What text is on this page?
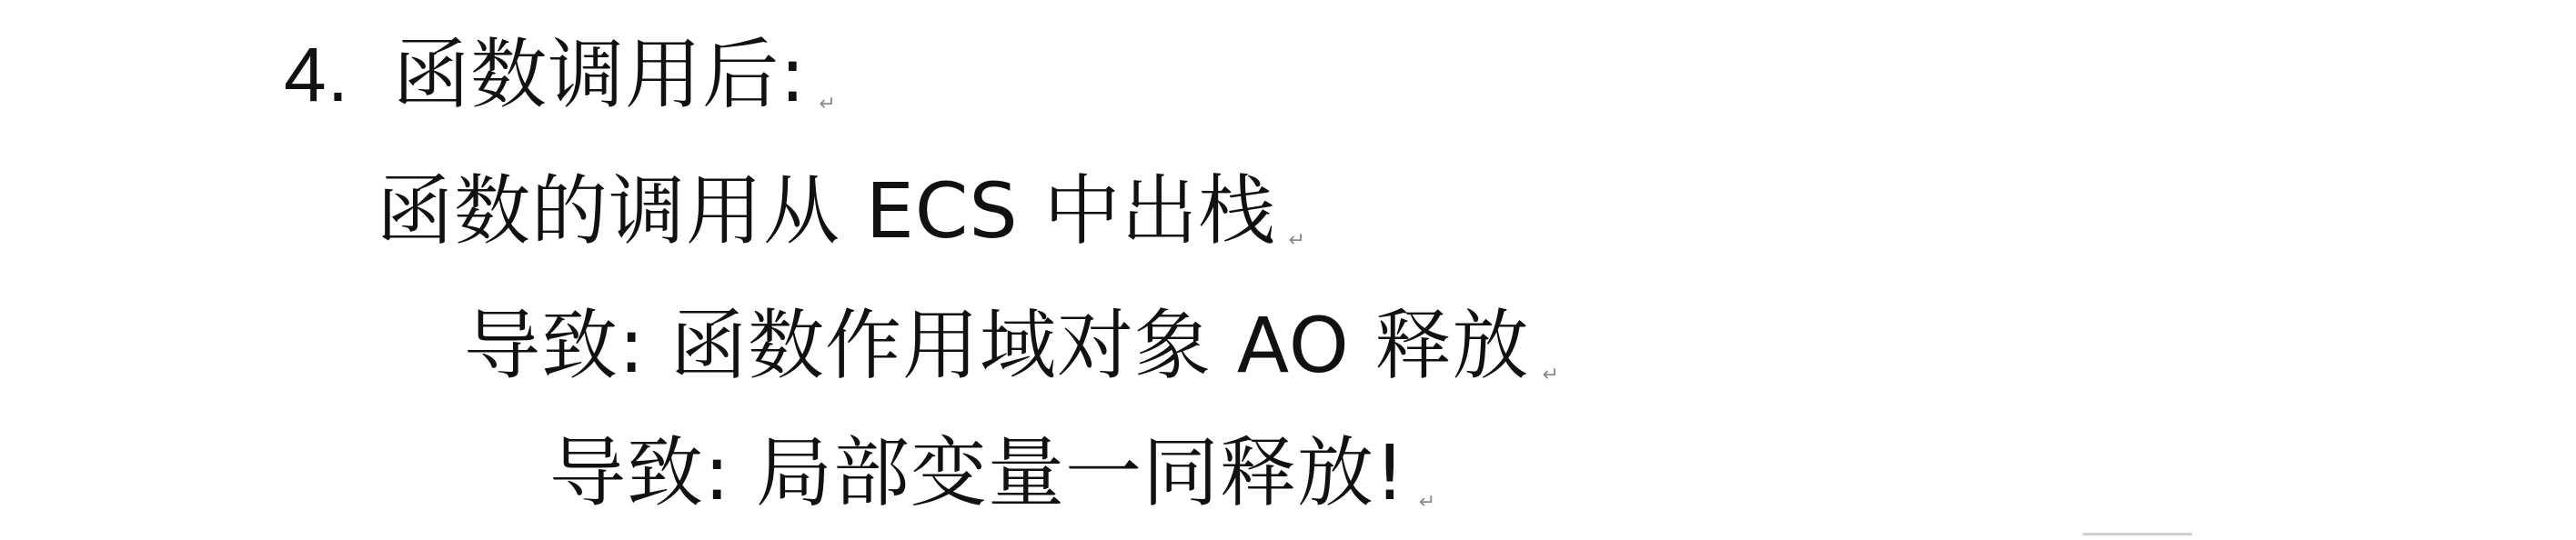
4. 函数调用后: ↵
函数的调用从 ECS 中出栈 ↵
导致: 函数作用域对象 AO 释放 ↵
导致: 局部变量一同释放! ↵
